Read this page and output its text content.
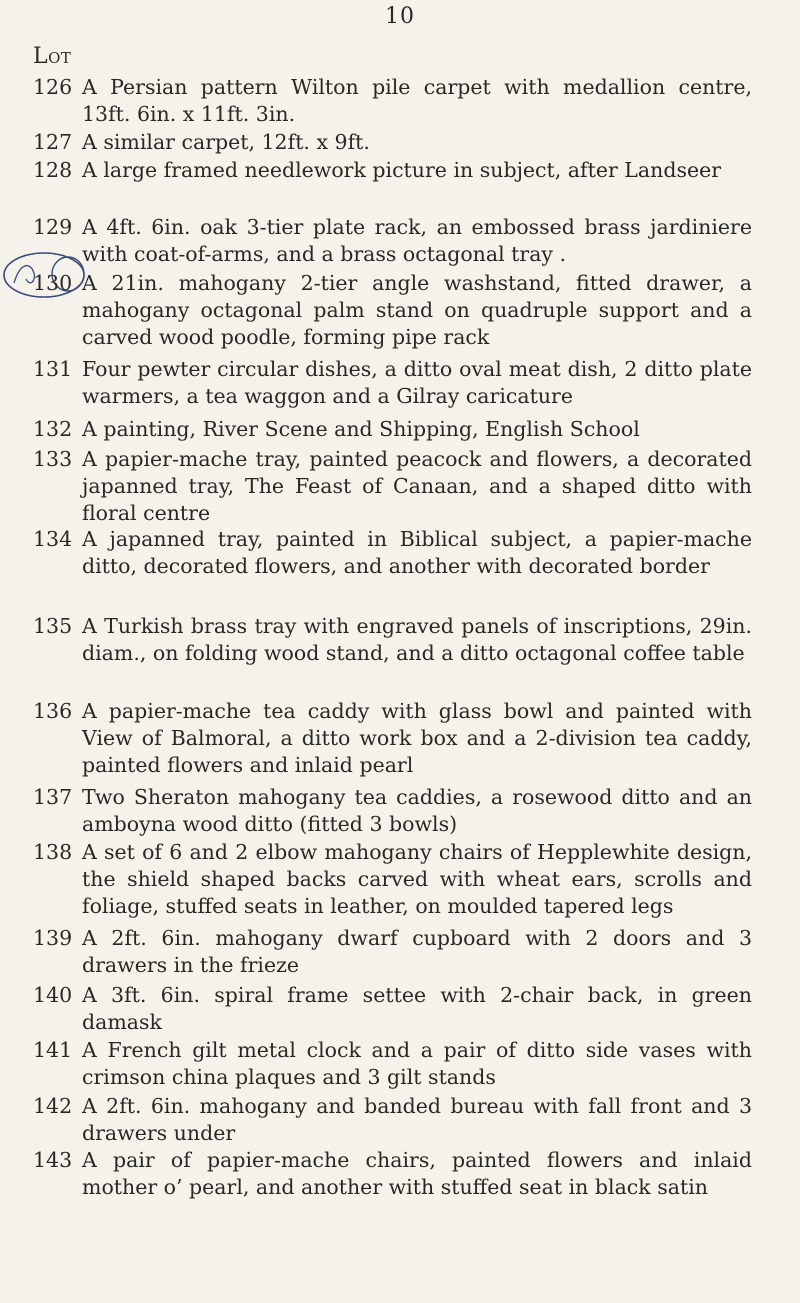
10
Lot
126 A Persian pattern Wilton pile carpet with medallion centre, 13ft. 6in. x 11ft. 3in.
127 A similar carpet, 12ft. x 9ft.
128 A large framed needlework picture in subject, after Landseer
129 A 4ft. 6in. oak 3-tier plate rack, an embossed brass jardiniere with coat-of-arms, and a brass octagonal tray .
130 A 21in. mahogany 2-tier angle washstand, fitted drawer, a mahogany octagonal palm stand on quadruple support and a carved wood poodle, forming pipe rack
131 Four pewter circular dishes, a ditto oval meat dish, 2 ditto plate warmers, a tea waggon and a Gilray caricature
132 A painting, River Scene and Shipping, English School
133 A papier-mache tray, painted peacock and flowers, a decorated japanned tray, The Feast of Canaan, and a shaped ditto with floral centre
134 A japanned tray, painted in Biblical subject, a papier-mache ditto, decorated flowers, and another with decorated border
135 A Turkish brass tray with engraved panels of inscriptions, 29in. diam., on folding wood stand, and a ditto octagonal coffee table
136 A papier-mache tea caddy with glass bowl and painted with View of Balmoral, a ditto work box and a 2-division tea caddy, painted flowers and inlaid pearl
137 Two Sheraton mahogany tea caddies, a rosewood ditto and an amboyna wood ditto (fitted 3 bowls)
138 A set of 6 and 2 elbow mahogany chairs of Hepplewhite design, the shield shaped backs carved with wheat ears, scrolls and foliage, stuffed seats in leather, on moulded tapered legs
139 A 2ft. 6in. mahogany dwarf cupboard with 2 doors and 3 drawers in the frieze
140 A 3ft. 6in. spiral frame settee with 2-chair back, in green damask
141 A French gilt metal clock and a pair of ditto side vases with crimson china plaques and 3 gilt stands
142 A 2ft. 6in. mahogany and banded bureau with fall front and 3 drawers under
143 A pair of papier-mache chairs, painted flowers and inlaid mother o’ pearl, and another with stuffed seat in black satin
